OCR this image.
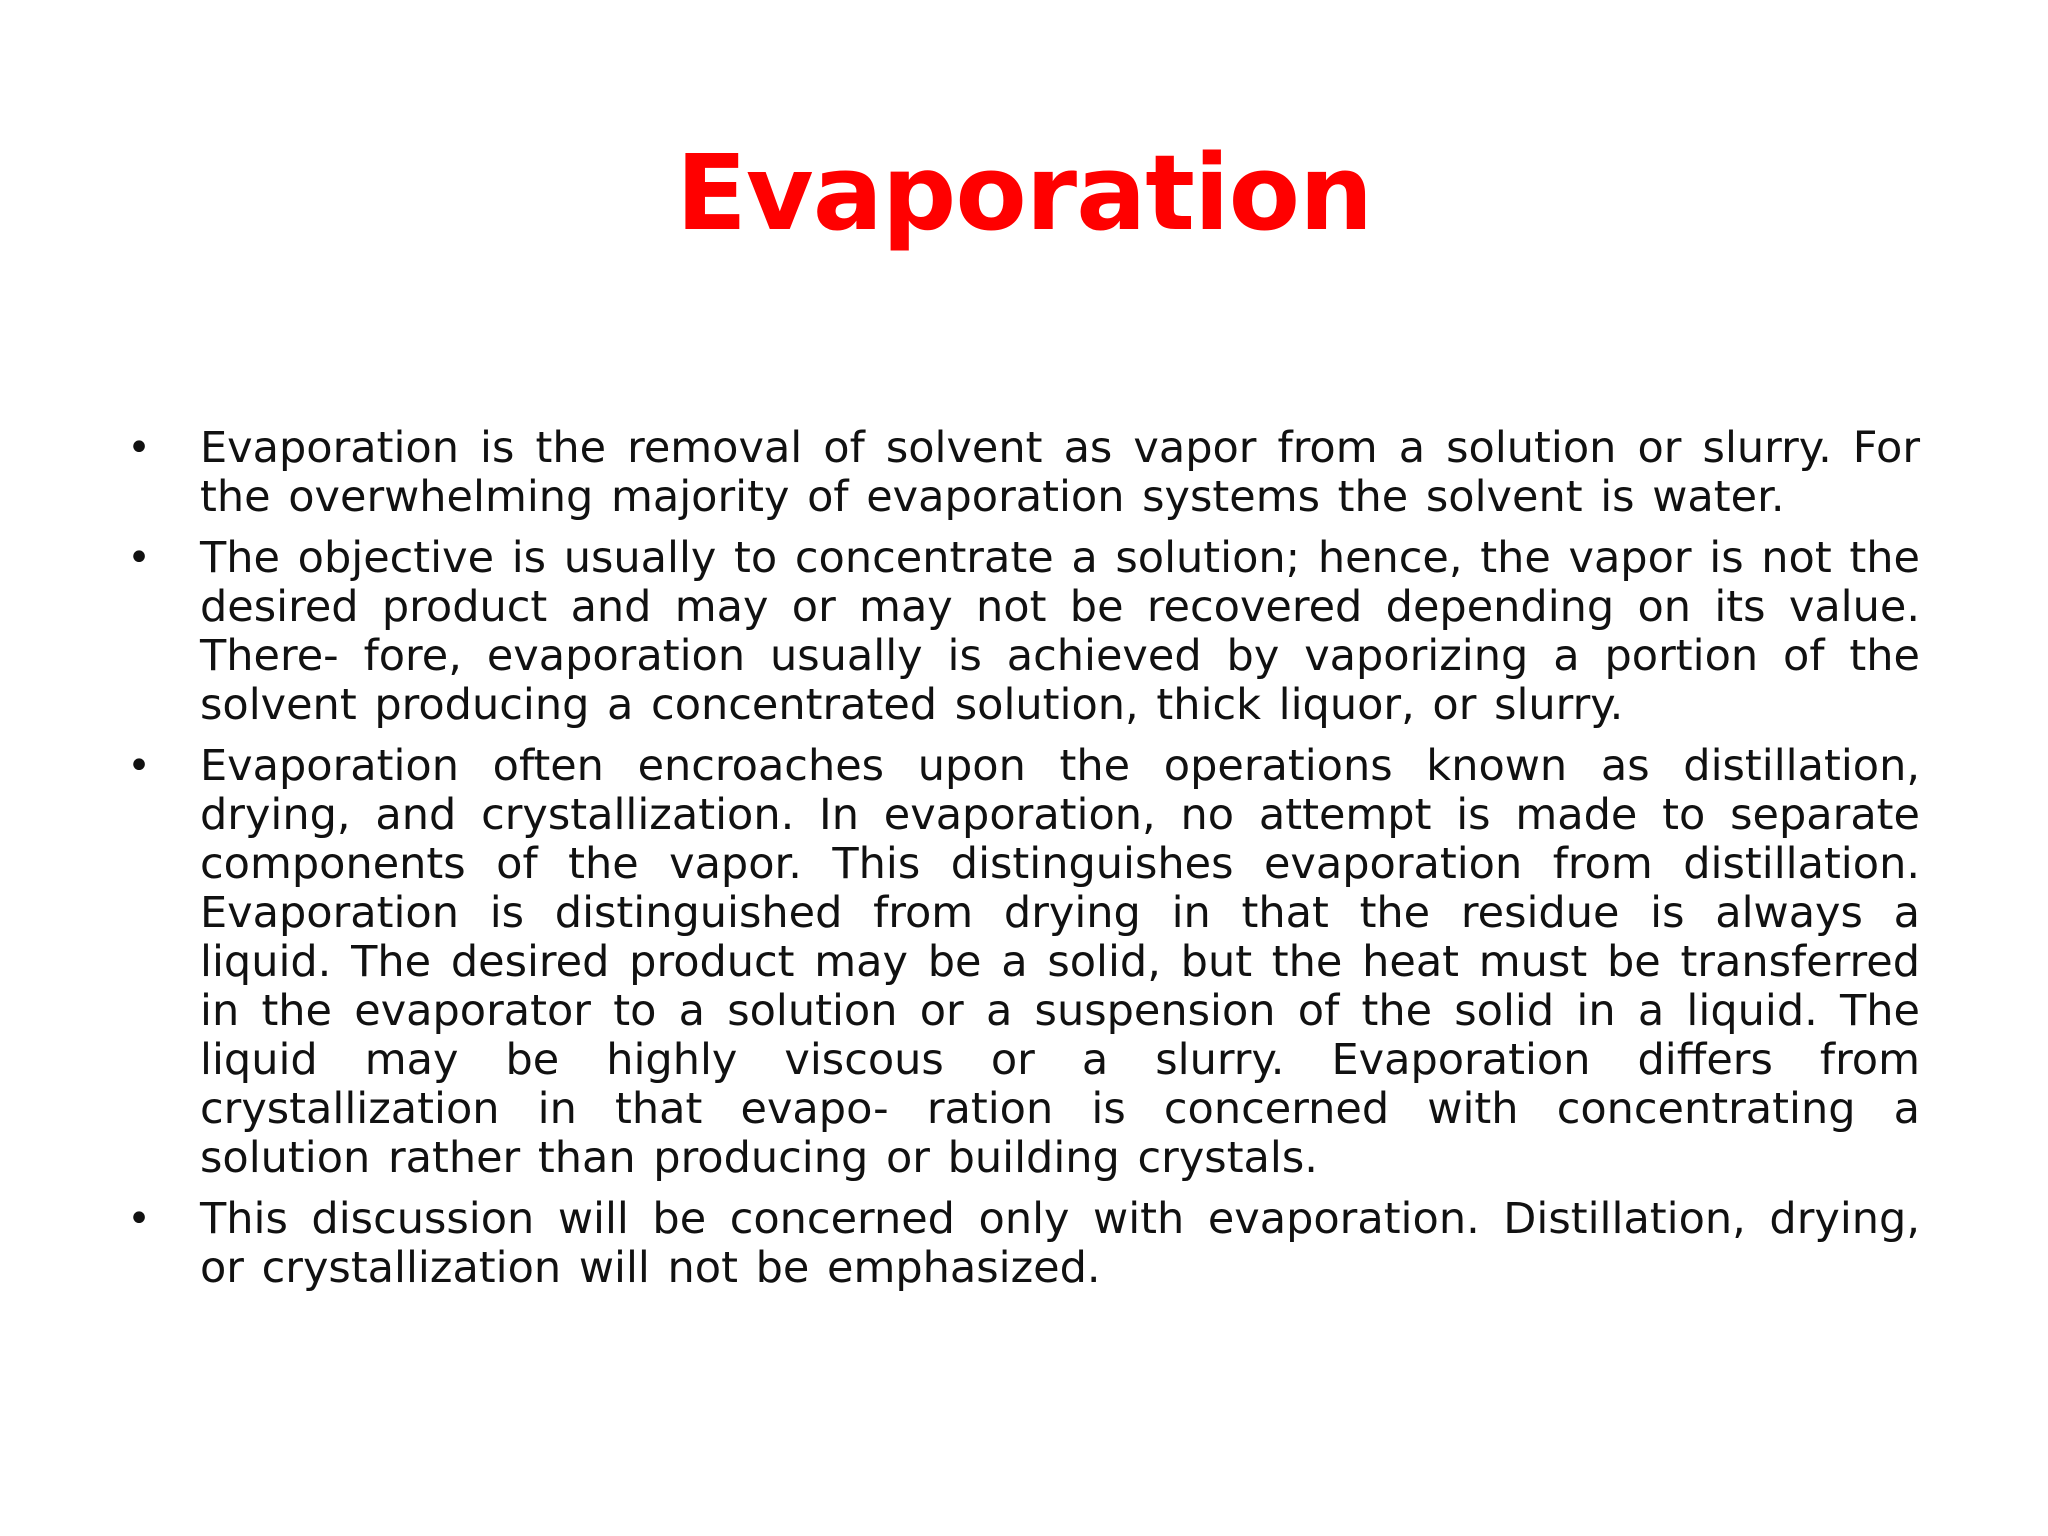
Evaporation
• Evaporation is the removal of solvent as vapor from a solution or slurry. For the overwhelming majority of evaporation systems the solvent is water.
• The objective is usually to concentrate a solution; hence, the vapor is not the desired product and may or may not be recovered depending on its value. There- fore, evaporation usually is achieved by vaporizing a portion of the solvent producing a concentrated solution, thick liquor, or slurry.
• Evaporation often encroaches upon the operations known as distillation, drying, and crystallization. In evaporation, no attempt is made to separate components of the vapor. This distinguishes evaporation from distillation. Evaporation is distinguished from drying in that the residue is always a liquid. The desired product may be a solid, but the heat must be transferred in the evaporator to a solution or a suspension of the solid in a liquid. The liquid may be highly viscous or a slurry. Evaporation differs from crystallization in that evapo- ration is concerned with concentrating a solution rather than producing or building crystals.
• This discussion will be concerned only with evaporation. Distillation, drying, or crystallization will not be emphasized.
